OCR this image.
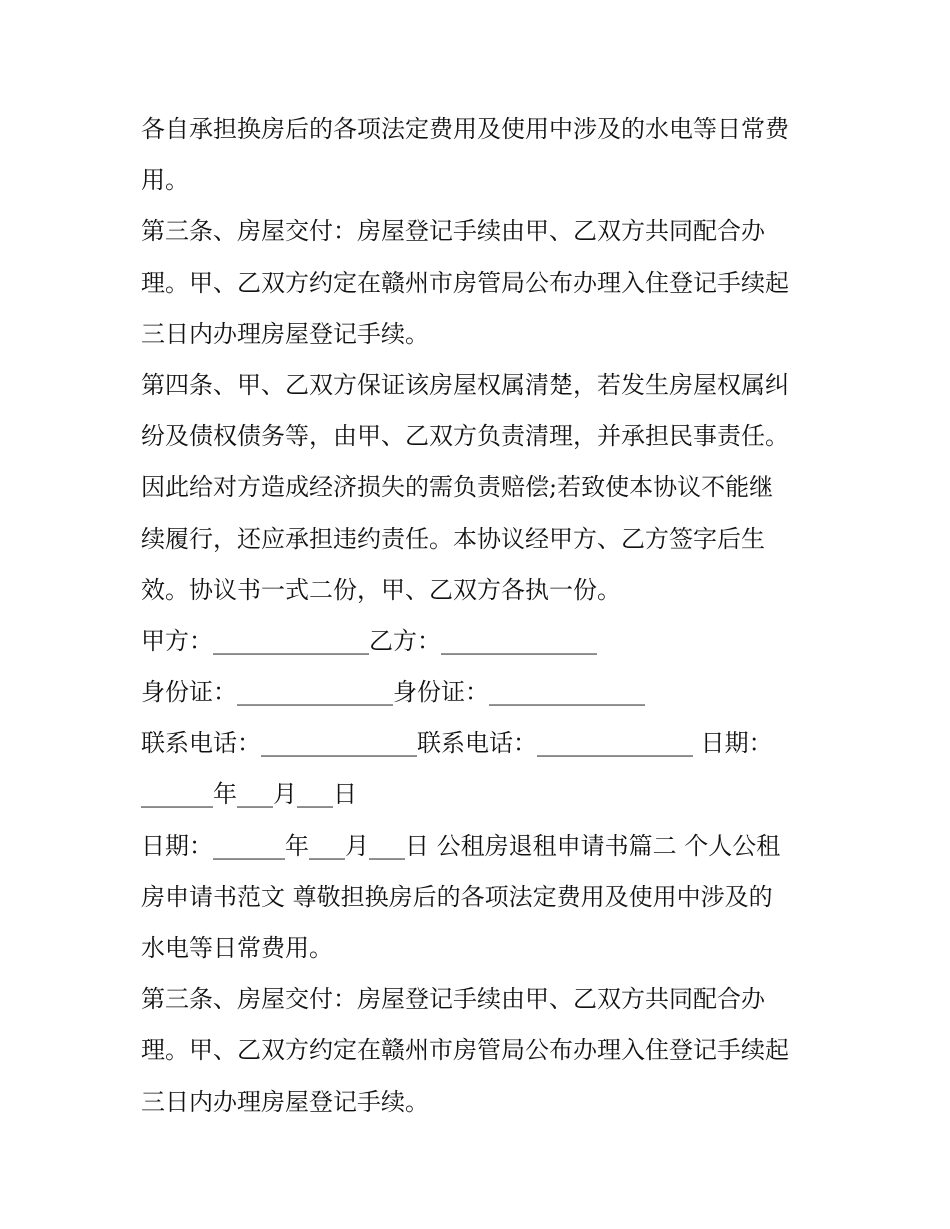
各自承担换房后的各项法定费用及使用中涉及的水电等日常费
用。
第三条、房屋交付：房屋登记手续由甲、乙双方共同配合办
理。甲、乙双方约定在赣州市房管局公布办理入住登记手续起
三日内办理房屋登记手续。
第四条、甲、乙双方保证该房屋权属清楚，若发生房屋权属纠
纷及债权债务等，由甲、乙双方负责清理，并承担民事责任。
因此给对方造成经济损失的需负责赔偿;若致使本协议不能继
续履行，还应承担违约责任。本协议经甲方、乙方签字后生
效。协议书一式二份，甲、乙双方各执一份。
甲方：_____________乙方：_____________
身份证：_____________身份证：_____________
联系电话：_____________联系电话：_____________ 日期：
______年___月___日
日期：______年___月___日 公租房退租申请书篇二 个人公租
房申请书范文 尊敬担换房后的各项法定费用及使用中涉及的
水电等日常费用。
第三条、房屋交付：房屋登记手续由甲、乙双方共同配合办
理。甲、乙双方约定在赣州市房管局公布办理入住登记手续起
三日内办理房屋登记手续。
